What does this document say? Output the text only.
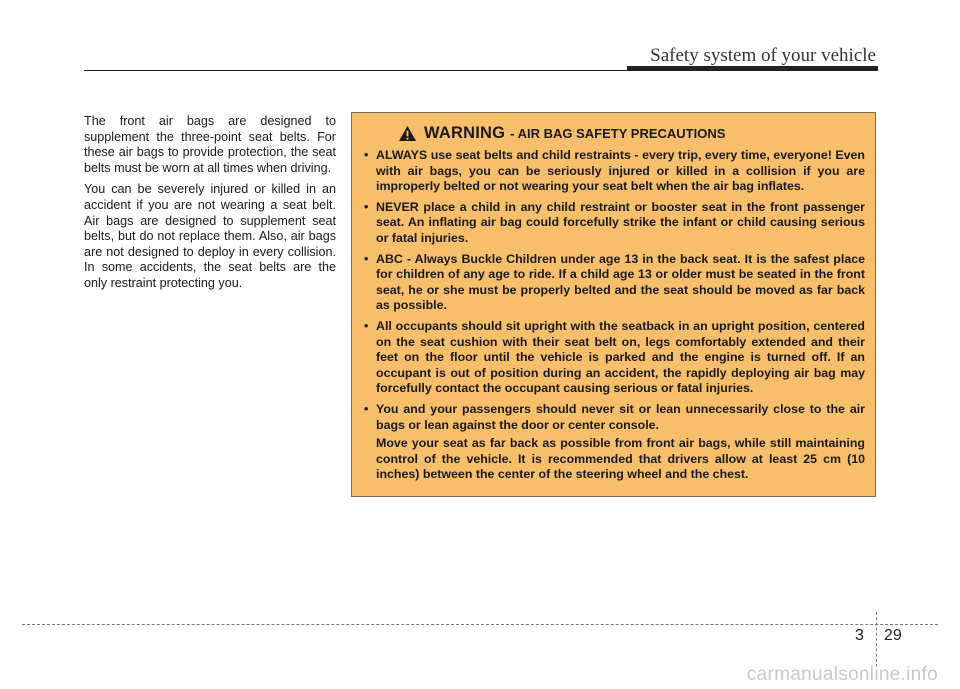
Safety system of your vehicle

The front air bags are designed to supplement the three-point seat belts. For these air bags to provide protection, the seat belts must be worn at all times when driving.

You can be severely injured or killed in an accident if you are not wearing a seat belt. Air bags are designed to supplement seat belts, but do not replace them. Also, air bags are not designed to deploy in every collision. In some accidents, the seat belts are the only restraint protecting you.

WARNING - AIR BAG SAFETY PRECAUTIONS
• ALWAYS use seat belts and child restraints - every trip, every time, everyone! Even with air bags, you can be seriously injured or killed in a collision if you are improperly belted or not wearing your seat belt when the air bag inflates.
• NEVER place a child in any child restraint or booster seat in the front passenger seat. An inflating air bag could forcefully strike the infant or child causing serious or fatal injuries.
• ABC - Always Buckle Children under age 13 in the back seat. It is the safest place for children of any age to ride. If a child age 13 or older must be seated in the front seat, he or she must be properly belted and the seat should be moved as far back as possible.
• All occupants should sit upright with the seatback in an upright position, centered on the seat cushion with their seat belt on, legs comfortably extended and their feet on the floor until the vehicle is parked and the engine is turned off. If an occupant is out of position during an accident, the rapidly deploying air bag may forcefully contact the occupant causing serious or fatal injuries.
• You and your passengers should never sit or lean unnecessarily close to the air bags or lean against the door or center console.

Move your seat as far back as possible from front air bags, while still maintaining control of the vehicle. It is recommended that drivers allow at least 25 cm (10 inches) between the center of the steering wheel and the chest.

3 29
carmanualsonline.info
